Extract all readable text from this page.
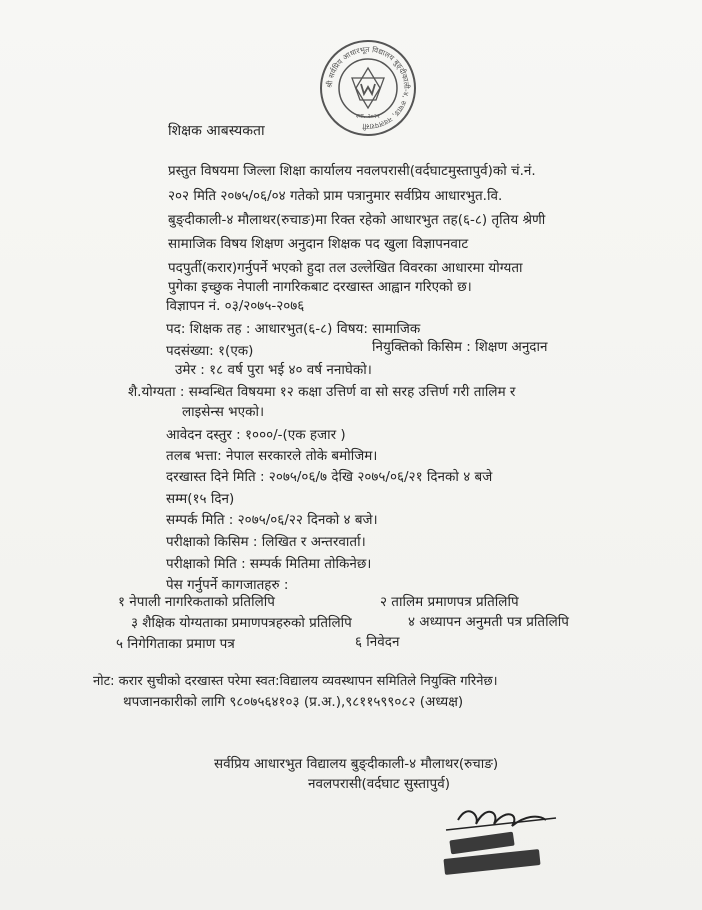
श्री सर्वप्रिय आधारभूत विद्यालय बुङ्दीकाली-४, रुचाङ, नवलपरासी
स्था. २०२१
शिक्षक आबस्यकता
प्रस्तुत विषयमा जिल्ला शिक्षा कार्यालय नवलपरासी(वर्दघाटमुस्तापुर्व)को चं.नं.
२०२ मिति २०७५/०६/०४ गतेको प्राम पत्रानुमार सर्वप्रिय आधारभुत.वि.
बुङ्दीकाली-४ मौलाथर(रुचाङ)मा रिक्त रहेको आधारभुत तह(६-८) तृतिय श्रेणी
सामाजिक विषय शिक्षण अनुदान शिक्षक पद खुला विज्ञापनवाट
पदपुर्ती(करार)गर्नुपर्ने भएको हुदा तल उल्लेखित विवरका आधारमा योग्यता
पुगेका इच्छुक नेपाली नागरिकबाट दरखास्त आह्वान गरिएको छ।
विज्ञापन नं. ०३/२०७५-२०७६
पद: शिक्षक तह : आधारभुत(६-८) विषय: सामाजिक
पदसंख्या: १(एक)	नियुक्तिको किसिम : शिक्षण अनुदान
उमेर : १८ वर्ष पुरा भई ४० वर्ष ननाघेको।
शै.योग्यता : सम्वन्धित विषयमा १२ कक्षा उत्तिर्ण वा सो सरह उत्तिर्ण गरी तालिम र
लाइसेन्स भएको।
आवेदन दस्तुर : १०००/-(एक हजार )
तलब भत्ता: नेपाल सरकारले तोके बमोजिम।
दरखास्त दिने मिति : २०७५/०६/७ देखि २०७५/०६/२१ दिनको ४ बजे
सम्म(१५ दिन)
सम्पर्क मिति : २०७५/०६/२२ दिनको ४ बजे।
परीक्षाको किसिम : लिखित र अन्तरवार्ता।
परीक्षाको मिति : सम्पर्क मितिमा तोकिनेछ।
पेस गर्नुपर्ने कागजातहरु :
१ नेपाली नागरिकताको प्रतिलिपि	२ तालिम प्रमाणपत्र प्रतिलिपि
३ शैक्षिक योग्यताका प्रमाणपत्रहरुको प्रतिलिपि	४ अध्यापन अनुमती पत्र प्रतिलिपि
५ निगेगिताका प्रमाण पत्र	६ निवेदन
नोट: करार सुचीको दरखास्त परेमा स्वत:विद्यालय व्यवस्थापन समितिले नियुक्ति गरिनेछ।
थपजानकारीको लागि ९८०७५६४१०३ (प्र.अ.),९८११५९९०८२ (अध्यक्ष)
सर्वप्रिय आधारभुत विद्यालय बुङ्दीकाली-४ मौलाथर(रुचाङ)
नवलपरासी(वर्दघाट सुस्तापुर्व)
